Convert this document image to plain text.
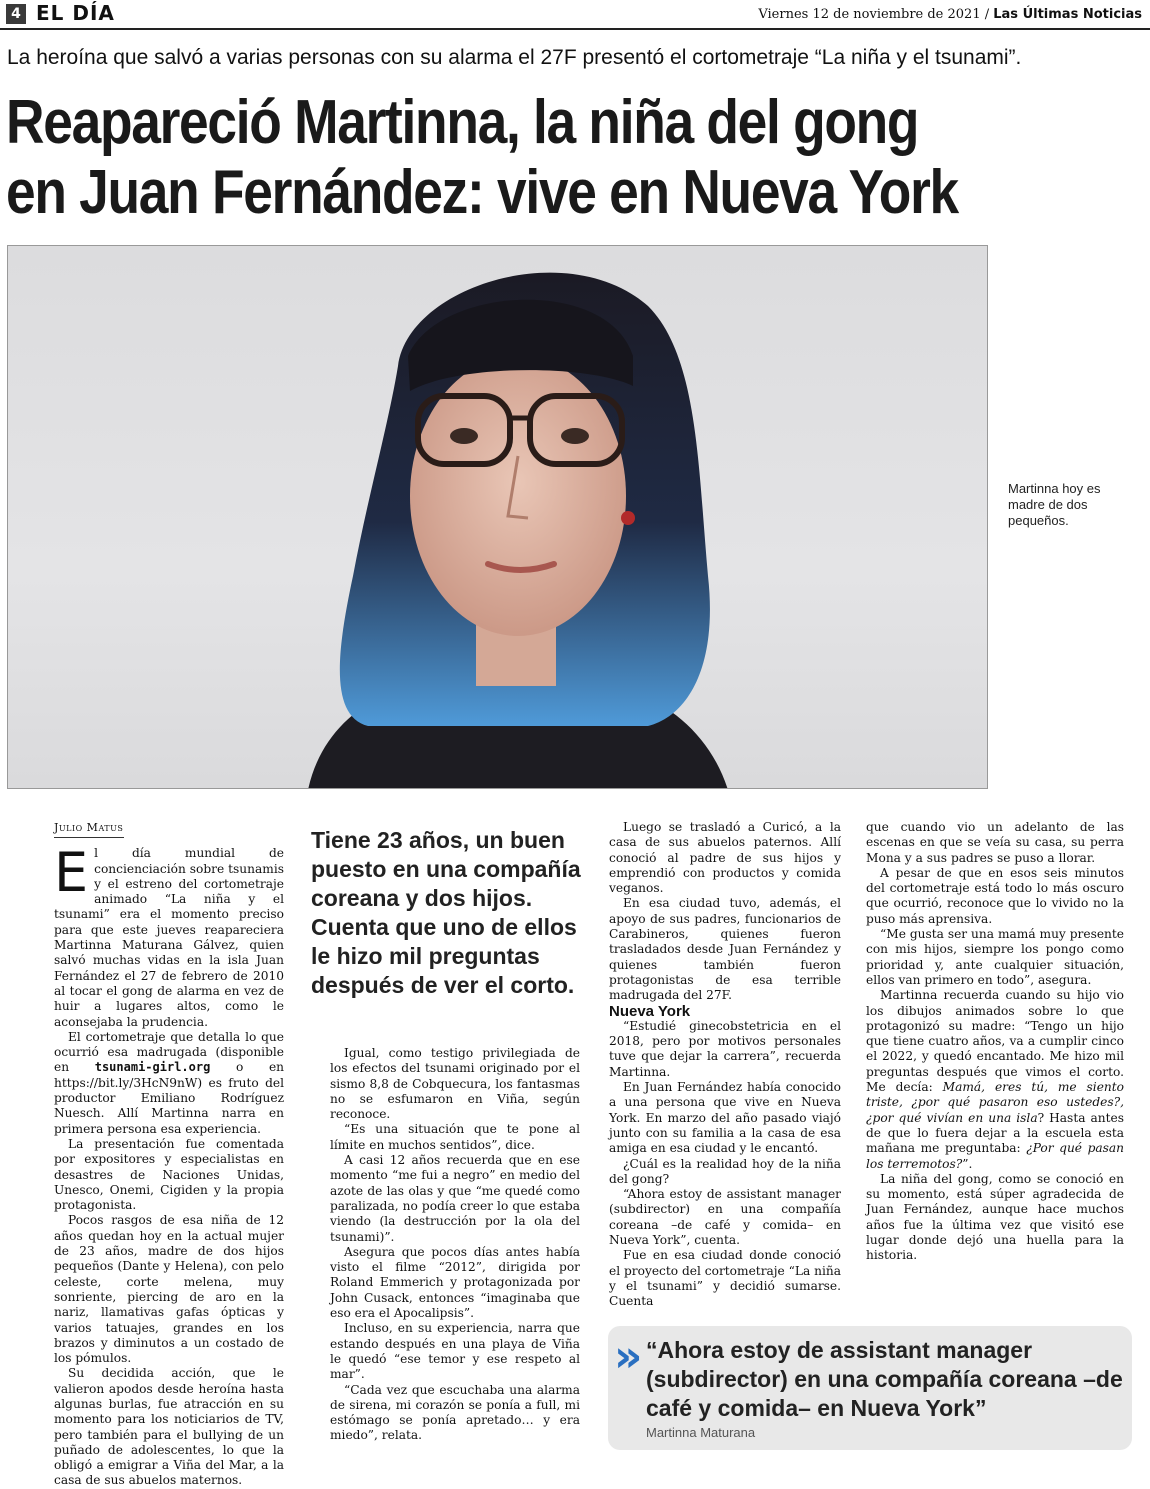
4 EL DÍA	Viernes 12 de noviembre de 2021 / Las Últimas Noticias
La heroína que salvó a varias personas con su alarma el 27F presentó el cortometraje “La niña y el tsunami”.
Reapareció Martinna, la niña del gong
en Juan Fernández: vive en Nueva York
Martinna hoy es madre de dos pequeños.
Julio Matus

El día mundial de concienciación sobre tsunamis y el estreno del cortometraje animado “La niña y el tsunami” era el momento preciso para que este jueves reapareciera Martinna Maturana Gálvez, quien salvó muchas vidas en la isla Juan Fernández el 27 de febrero de 2010 al tocar el gong de alarma en vez de huir a lugares altos, como le aconsejaba la prudencia.

El cortometraje que detalla lo que ocurrió esa madrugada (disponible en tsunami-girl.org o en https://bit.ly/3HcN9nW) es fruto del productor Emiliano Rodríguez Nuesch. Allí Martinna narra en primera persona esa experiencia.

La presentación fue comentada por expositores y especialistas en desastres de Naciones Unidas, Unesco, Onemi, Cigiden y la propia protagonista.

Pocos rasgos de esa niña de 12 años quedan hoy en la actual mujer de 23 años, madre de dos hijos pequeños (Dante y Helena), con pelo celeste, corte melena, muy sonriente, piercing de aro en la nariz, llamativas gafas ópticas y varios tatuajes, grandes en los brazos y diminutos a un costado de los pómulos.

Su decidida acción, que le valieron apodos desde heroína hasta algunas burlas, fue atracción en su momento para los noticiarios de TV, pero también para el bullying de un puñado de adolescentes, lo que la obligó a emigrar a Viña del Mar, a la casa de sus abuelos maternos.

Tiene 23 años, un buen puesto en una compañía coreana y dos hijos. Cuenta que uno de ellos le hizo mil preguntas después de ver el corto.

Igual, como testigo privilegiada de los efectos del tsunami originado por el sismo 8,8 de Cobquecura, los fantasmas no se esfumaron en Viña, según reconoce.

“Es una situación que te pone al límite en muchos sentidos”, dice.

A casi 12 años recuerda que en ese momento “me fui a negro” en medio del azote de las olas y que “me quedé como paralizada, no podía creer lo que estaba viendo (la destrucción por la ola del tsunami)”.

Asegura que pocos días antes había visto el filme “2012”, dirigida por Roland Emmerich y protagonizada por John Cusack, entonces “imaginaba que eso era el Apocalipsis”.

Incluso, en su experiencia, narra que estando después en una playa de Viña le quedó “ese temor y ese respeto al mar”.

“Cada vez que escuchaba una alarma de sirena, mi corazón se ponía a full, mi estómago se ponía apretado… y era miedo”, relata.

Luego se trasladó a Curicó, a la casa de sus abuelos paternos. Allí conoció al padre de sus hijos y emprendió con productos y comida veganos.

En esa ciudad tuvo, además, el apoyo de sus padres, funcionarios de Carabineros, quienes fueron trasladados desde Juan Fernández y quienes también fueron protagonistas de esa terrible madrugada del 27F.

Nueva York

“Estudié ginecobstetricia en el 2018, pero por motivos personales tuve que dejar la carrera”, recuerda Martinna.

En Juan Fernández había conocido a una persona que vive en Nueva York. En marzo del año pasado viajó junto con su familia a la casa de esa amiga en esa ciudad y le encantó.

¿Cuál es la realidad hoy de la niña del gong?

“Ahora estoy de assistant manager (subdirector) en una compañía coreana –de café y comida– en Nueva York”, cuenta.

Fue en esa ciudad donde conoció el proyecto del cortometraje “La niña y el tsunami” y decidió sumarse. Cuenta

que cuando vio un adelanto de las escenas en que se veía su casa, su perra Mona y a sus padres se puso a llorar.

A pesar de que en esos seis minutos del cortometraje está todo lo más oscuro que ocurrió, reconoce que lo vivido no la puso más aprensiva.

“Me gusta ser una mamá muy presente con mis hijos, siempre los pongo como prioridad y, ante cualquier situación, ellos van primero en todo”, asegura.

Martinna recuerda cuando su hijo vio los dibujos animados sobre lo que protagonizó su madre: “Tengo un hijo que tiene cuatro años, va a cumplir cinco el 2022, y quedó encantado. Me hizo mil preguntas después que vimos el corto. Me decía: Mamá, eres tú, me siento triste, ¿por qué pasaron eso ustedes?, ¿por qué vivían en una isla? Hasta antes de que lo fuera dejar a la escuela esta mañana me preguntaba: ¿Por qué pasan los terremotos?”.

La niña del gong, como se conoció en su momento, está súper agradecida de Juan Fernández, aunque hace muchos años fue la última vez que visitó ese lugar donde dejó una huella para la historia.

» “Ahora estoy de assistant manager (subdirector) en una compañía coreana –de café y comida– en Nueva York”
Martinna Maturana
